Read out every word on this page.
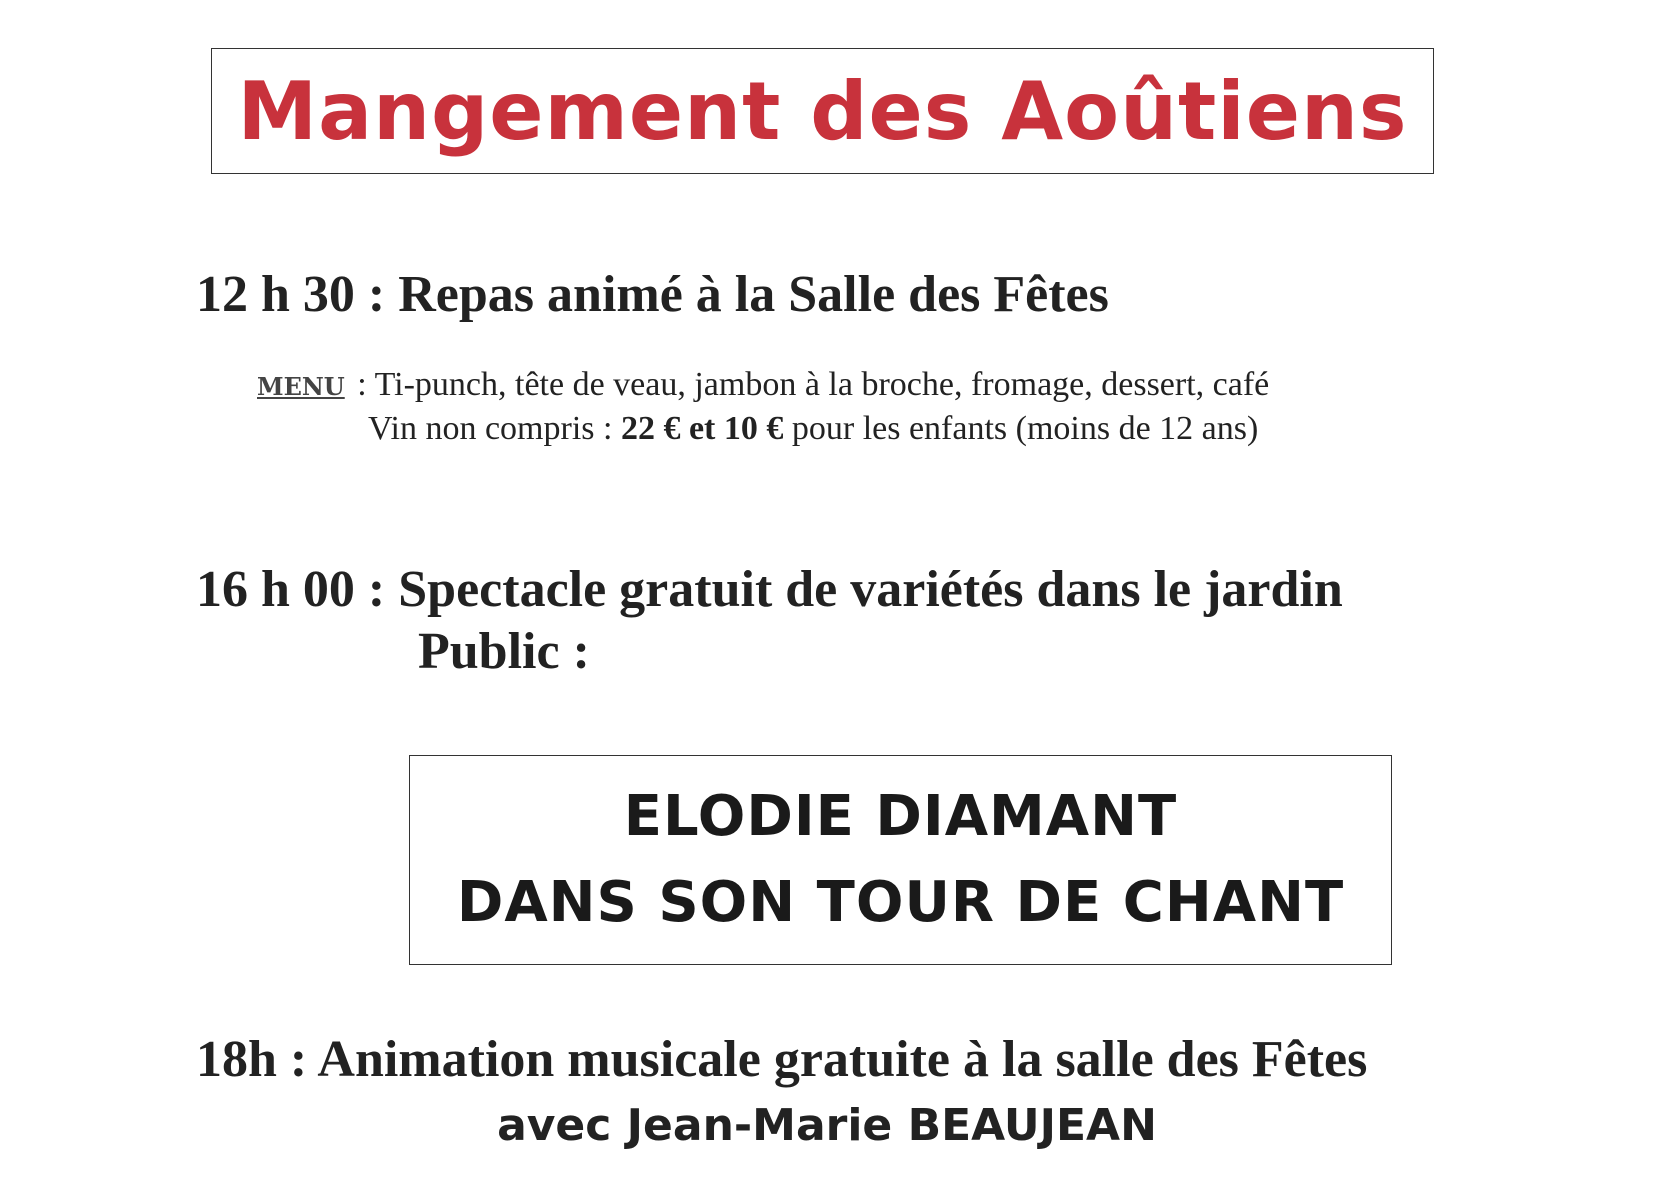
Mangement des Aoûtiens
12 h 30 : Repas animé à la Salle des Fêtes
MENU : Ti-punch, tête de veau, jambon à la broche, fromage, dessert, café
Vin non compris : 22 € et 10 € pour les enfants (moins de 12 ans)
16 h 00 : Spectacle gratuit de variétés dans le jardin
Public :
ELODIE DIAMANT
DANS SON TOUR DE CHANT
18h : Animation musicale gratuite à la salle des Fêtes
avec Jean-Marie BEAUJEAN
